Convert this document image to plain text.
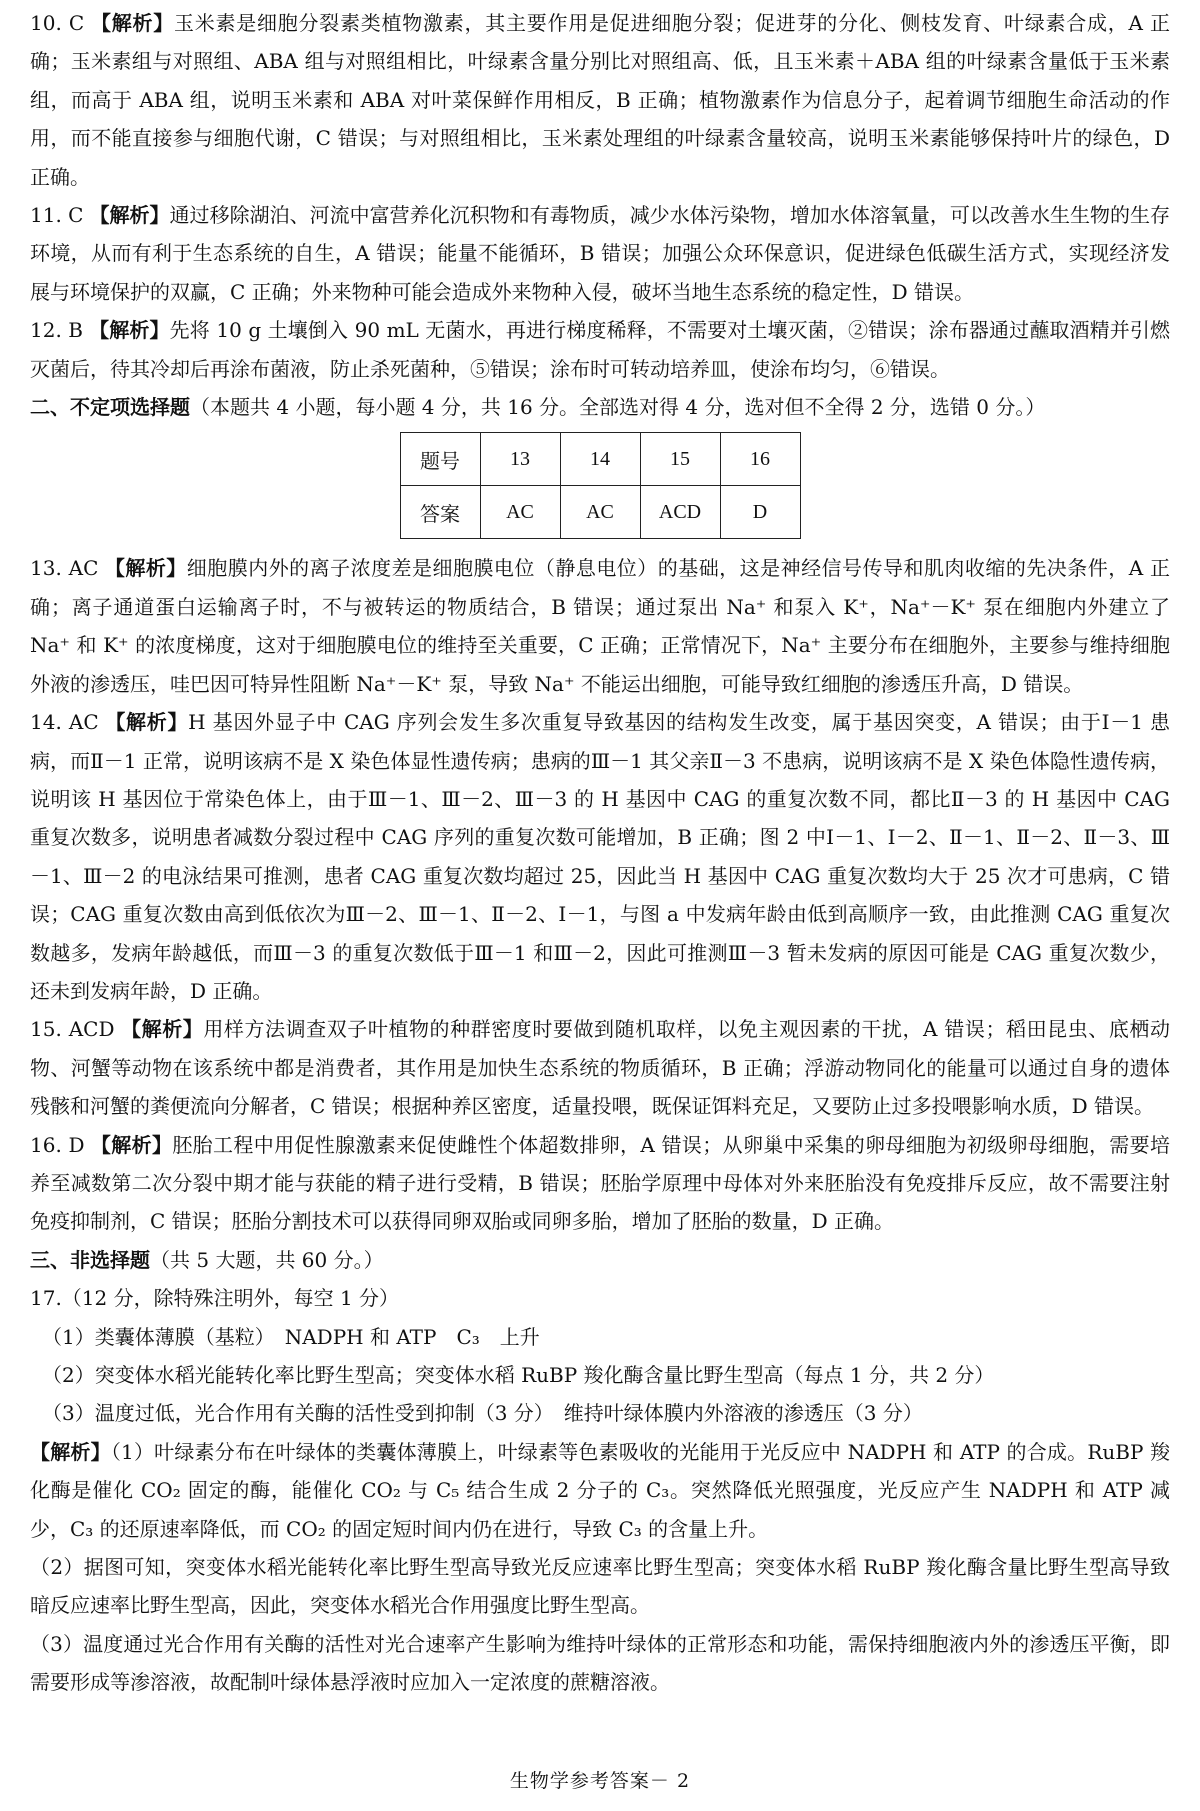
10. C 【解析】玉米素是细胞分裂素类植物激素，其主要作用是促进细胞分裂；促进芽的分化、侧枝发育、叶绿素合成，A 正确；玉米素组与对照组、ABA 组与对照组相比，叶绿素含量分别比对照组高、低，且玉米素＋ABA 组的叶绿素含量低于玉米素组，而高于 ABA 组，说明玉米素和 ABA 对叶菜保鲜作用相反，B 正确；植物激素作为信息分子，起着调节细胞生命活动的作用，而不能直接参与细胞代谢，C 错误；与对照组相比，玉米素处理组的叶绿素含量较高，说明玉米素能够保持叶片的绿色，D 正确。

11. C 【解析】通过移除湖泊、河流中富营养化沉积物和有毒物质，减少水体污染物，增加水体溶氧量，可以改善水生生物的生存环境，从而有利于生态系统的自生，A 错误；能量不能循环，B 错误；加强公众环保意识，促进绿色低碳生活方式，实现经济发展与环境保护的双赢，C 正确；外来物种可能会造成外来物种入侵，破坏当地生态系统的稳定性，D 错误。

12. B 【解析】先将 10 g 土壤倒入 90 mL 无菌水，再进行梯度稀释，不需要对土壤灭菌，②错误；涂布器通过蘸取酒精并引燃灭菌后，待其冷却后再涂布菌液，防止杀死菌种，⑤错误；涂布时可转动培养皿，使涂布均匀，⑥错误。

二、不定项选择题（本题共 4 小题，每小题 4 分，共 16 分。全部选对得 4 分，选对但不全得 2 分，选错 0 分。）

题号	13	14	15	16
答案	AC	AC	ACD	D

13. AC 【解析】细胞膜内外的离子浓度差是细胞膜电位（静息电位）的基础，这是神经信号传导和肌肉收缩的先决条件，A 正确；离子通道蛋白运输离子时，不与被转运的物质结合，B 错误；通过泵出 Na⁺ 和泵入 K⁺，Na⁺－K⁺ 泵在细胞内外建立了 Na⁺ 和 K⁺ 的浓度梯度，这对于细胞膜电位的维持至关重要，C 正确；正常情况下，Na⁺ 主要分布在细胞外，主要参与维持细胞外液的渗透压，哇巴因可特异性阻断 Na⁺－K⁺ 泵，导致 Na⁺ 不能运出细胞，可能导致红细胞的渗透压升高，D 错误。

14. AC 【解析】H 基因外显子中 CAG 序列会发生多次重复导致基因的结构发生改变，属于基因突变，A 错误；由于Ⅰ－1 患病，而Ⅱ－1 正常，说明该病不是 X 染色体显性遗传病；患病的Ⅲ－1 其父亲Ⅱ－3 不患病，说明该病不是 X 染色体隐性遗传病，说明该 H 基因位于常染色体上，由于Ⅲ－1、Ⅲ－2、Ⅲ－3 的 H 基因中 CAG 的重复次数不同，都比Ⅱ－3 的 H 基因中 CAG 重复次数多，说明患者减数分裂过程中 CAG 序列的重复次数可能增加，B 正确；图 2 中Ⅰ－1、Ⅰ－2、Ⅱ－1、Ⅱ－2、Ⅱ－3、Ⅲ－1、Ⅲ－2 的电泳结果可推测，患者 CAG 重复次数均超过 25，因此当 H 基因中 CAG 重复次数均大于 25 次才可患病，C 错误；CAG 重复次数由高到低依次为Ⅲ－2、Ⅲ－1、Ⅱ－2、Ⅰ－1，与图 a 中发病年龄由低到高顺序一致，由此推测 CAG 重复次数越多，发病年龄越低，而Ⅲ－3 的重复次数低于Ⅲ－1 和Ⅲ－2，因此可推测Ⅲ－3 暂未发病的原因可能是 CAG 重复次数少，还未到发病年龄，D 正确。

15. ACD 【解析】用样方法调查双子叶植物的种群密度时要做到随机取样，以免主观因素的干扰，A 错误；稻田昆虫、底栖动物、河蟹等动物在该系统中都是消费者，其作用是加快生态系统的物质循环，B 正确；浮游动物同化的能量可以通过自身的遗体残骸和河蟹的粪便流向分解者，C 错误；根据种养区密度，适量投喂，既保证饵料充足，又要防止过多投喂影响水质，D 错误。

16. D 【解析】胚胎工程中用促性腺激素来促使雌性个体超数排卵，A 错误；从卵巢中采集的卵母细胞为初级卵母细胞，需要培养至减数第二次分裂中期才能与获能的精子进行受精，B 错误；胚胎学原理中母体对外来胚胎没有免疫排斥反应，故不需要注射免疫抑制剂，C 错误；胚胎分割技术可以获得同卵双胎或同卵多胎，增加了胚胎的数量，D 正确。

三、非选择题（共 5 大题，共 60 分。）

17.（12 分，除特殊注明外，每空 1 分）

（1）类囊体薄膜（基粒）　NADPH 和 ATP　C₃　上升

（2）突变体水稻光能转化率比野生型高；突变体水稻 RuBP 羧化酶含量比野生型高（每点 1 分，共 2 分）

（3）温度过低，光合作用有关酶的活性受到抑制（3 分）　维持叶绿体膜内外溶液的渗透压（3 分）

【解析】（1）叶绿素分布在叶绿体的类囊体薄膜上，叶绿素等色素吸收的光能用于光反应中 NADPH 和 ATP 的合成。RuBP 羧化酶是催化 CO₂ 固定的酶，能催化 CO₂ 与 C₅ 结合生成 2 分子的 C₃。突然降低光照强度，光反应产生 NADPH 和 ATP 减少，C₃ 的还原速率降低，而 CO₂ 的固定短时间内仍在进行，导致 C₃ 的含量上升。

（2）据图可知，突变体水稻光能转化率比野生型高导致光反应速率比野生型高；突变体水稻 RuBP 羧化酶含量比野生型高导致暗反应速率比野生型高，因此，突变体水稻光合作用强度比野生型高。

（3）温度通过光合作用有关酶的活性对光合速率产生影响为维持叶绿体的正常形态和功能，需保持细胞液内外的渗透压平衡，即需要形成等渗溶液，故配制叶绿体悬浮液时应加入一定浓度的蔗糖溶液。

生物学参考答案－ 2
